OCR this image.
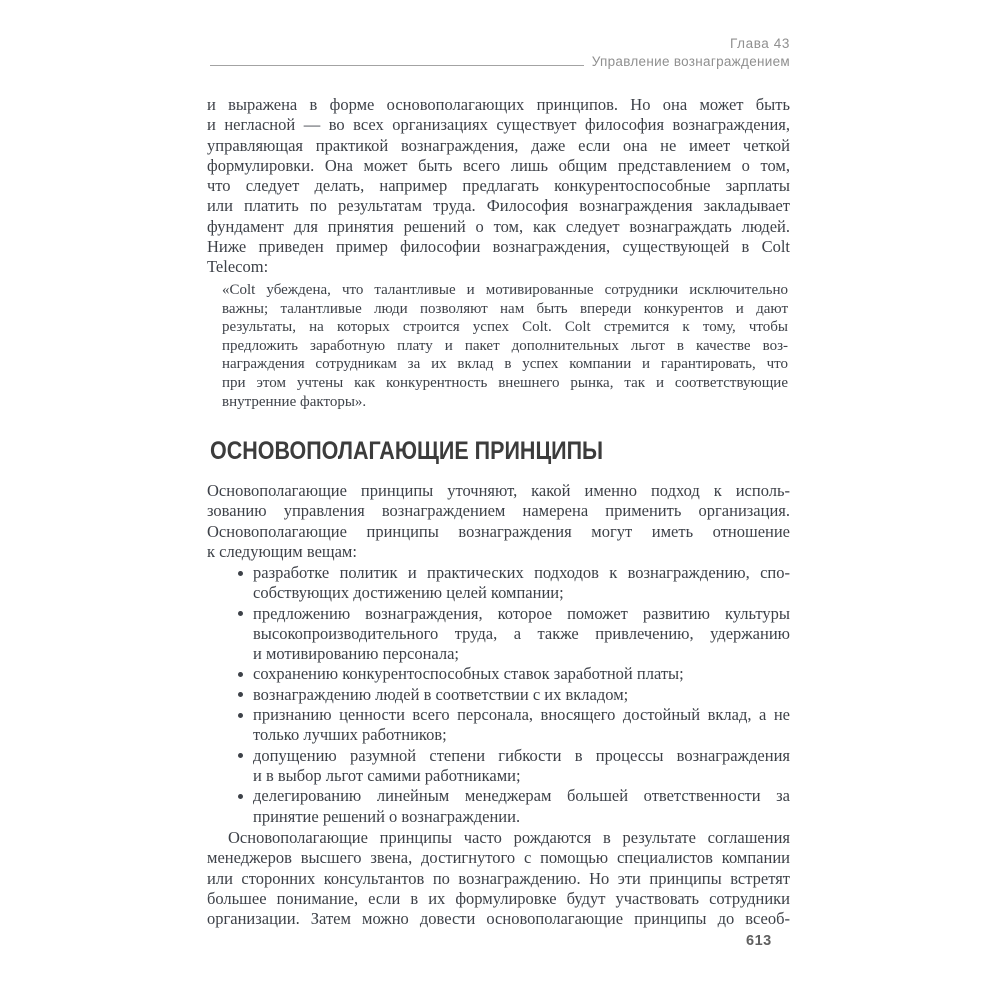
Глава 43
Управление вознаграждением
и выражена в форме основополагающих принципов. Но она может быть
и негласной — во всех организациях существует философия вознаграждения,
управляющая практикой вознаграждения, даже если она не имеет четкой
формулировки. Она может быть всего лишь общим представлением о том,
что следует делать, например предлагать конкурентоспособные зарплаты
или платить по результатам труда. Философия вознаграждения закладывает
фундамент для принятия решений о том, как следует вознаграждать людей.
Ниже приведен пример философии вознаграждения, существующей в Colt
Telecom:
«Colt убеждена, что талантливые и мотивированные сотрудники исключительно
важны; талантливые люди позволяют нам быть впереди конкурентов и дают
результаты, на которых строится успех Colt. Colt стремится к тому, чтобы
предложить заработную плату и пакет дополнительных льгот в качестве воз-
награждения сотрудникам за их вклад в успех компании и гарантировать, что
при этом учтены как конкурентность внешнего рынка, так и соответствующие
внутренние факторы».
ОСНОВОПОЛАГАЮЩИЕ ПРИНЦИПЫ
Основополагающие принципы уточняют, какой именно подход к исполь-
зованию управления вознаграждением намерена применить организация.
Основополагающие принципы вознаграждения могут иметь отношение
к следующим вещам:
разработке политик и практических подходов к вознаграждению, спо-
собствующих достижению целей компании;
предложению вознаграждения, которое поможет развитию культуры
высокопроизводительного труда, а также привлечению, удержанию
и мотивированию персонала;
сохранению конкурентоспособных ставок заработной платы;
вознаграждению людей в соответствии с их вкладом;
признанию ценности всего персонала, вносящего достойный вклад, а не
только лучших работников;
допущению разумной степени гибкости в процессы вознаграждения
и в выбор льгот самими работниками;
делегированию линейным менеджерам большей ответственности за
принятие решений о вознаграждении.
Основополагающие принципы часто рождаются в результате соглашения
менеджеров высшего звена, достигнутого с помощью специалистов компании
или сторонних консультантов по вознаграждению. Но эти принципы встретят
большее понимание, если в их формулировке будут участвовать сотрудники
организации. Затем можно довести основополагающие принципы до всеоб-
613
